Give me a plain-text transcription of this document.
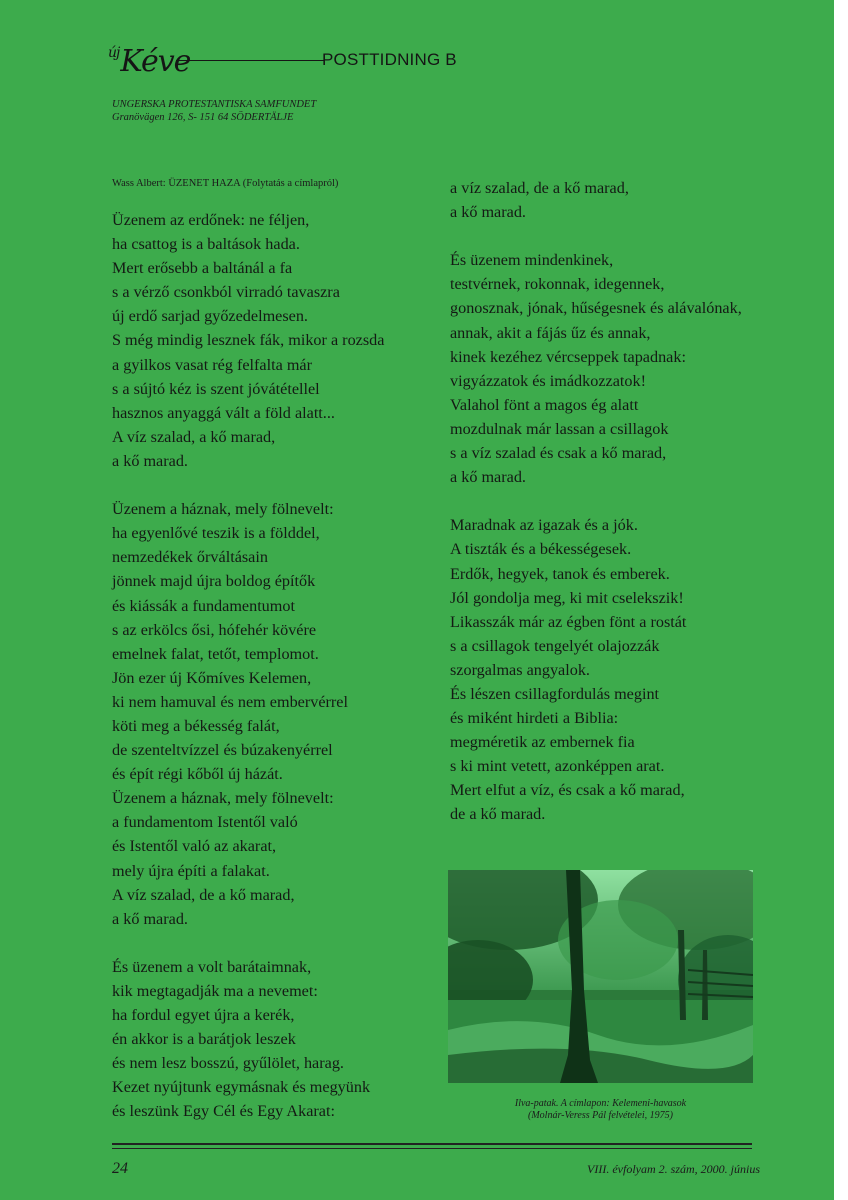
$^{új}$Kéve	POSTTIDNING B
UNGERSKA PROTESTANTISKA SAMFUNDET
Granövägen 126, S- 151 64 SÖDERTÄLJE
Wass Albert: ÜZENET HAZA (Folytatás a címlapról)
Üzenem az erdőnek: ne féljen,
ha csattog is a baltások hada.
Mert erősebb a baltánál a fa
s a vérző csonkból virradó tavaszra
új erdő sarjad győzedelmesen.
S még mindig lesznek fák, mikor a rozsda
a gyilkos vasat rég felfalta már
s a sújtó kéz is szent jóvátétellel
hasznos anyaggá vált a föld alatt...
A víz szalad, a kő marad,
a kő marad.
Üzenem a háznak, mely fölnevelt:
ha egyenlővé teszik is a földdel,
nemzedékek őrváltásain
jönnek majd újra boldog építők
és kiássák a fundamentumot
s az erkölcs ősi, hófehér kövére
emelnek falat, tetőt, templomot.
Jön ezer új Kőmíves Kelemen,
ki nem hamuval és nem embervérrel
köti meg a békesség falát,
de szenteltvízzel és búzakenyérrel
és épít régi kőből új házát.
Üzenem a háznak, mely fölnevelt:
a fundamentom Istentől való
és Istentől való az akarat,
mely újra építi a falakat.
A víz szalad, de a kő marad,
a kő marad.
És üzenem a volt barátaimnak,
kik megtagadják ma a nevemet:
ha fordul egyet újra a kerék,
én akkor is a barátjok leszek
és nem lesz bosszú, gyűlölet, harag.
Kezet nyújtunk egymásnak és megyünk
és leszünk Egy Cél és Egy Akarat:
a víz szalad, de a kő marad,
a kő marad.
És üzenem mindenkinek,
testvérnek, rokonnak, idegennek,
gonosznak, jónak, hűségesnek és alávalónak,
annak, akit a fájás űz és annak,
kinek kezéhez vércseppek tapadnak:
vigyázzatok és imádkozzatok!
Valahol fönt a magos ég alatt
mozdulnak már lassan a csillagok
s a víz szalad és csak a kő marad,
a kő marad.
Maradnak az igazak és a jók.
A tiszták és a békességesek.
Erdők, hegyek, tanok és emberek.
Jól gondolja meg, ki mit cselekszik!
Likasszák már az égben fönt a rostát
s a csillagok tengelyét olajozzák
szorgalmas angyalok.
És lészen csillagfordulás megint
és miként hirdeti a Biblia:
megméretik az embernek fia
s ki mint vetett, azonképpen arat.
Mert elfut a víz, és csak a kő marad,
de a kő marad.
Ilva-patak. A címlapon: Kelemeni-havasok
(Molnár-Veress Pál felvételei, 1975)
24	VIII. évfolyam 2. szám, 2000. június
